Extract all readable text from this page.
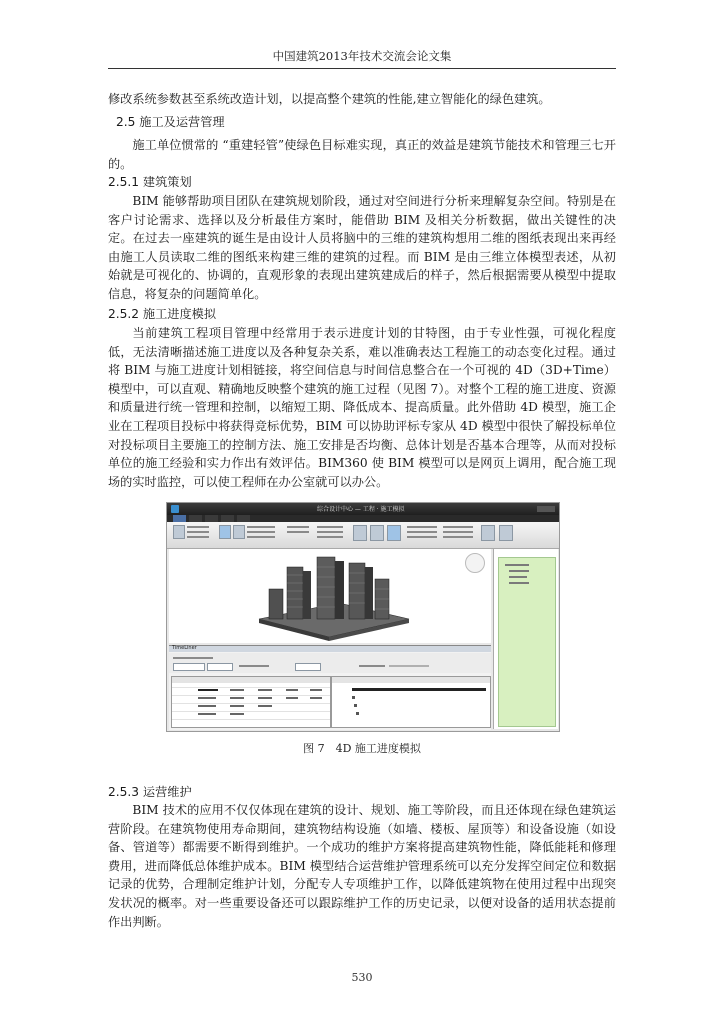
中国建筑2013年技术交流会论文集
修改系统参数甚至系统改造计划，以提高整个建筑的性能,建立智能化的绿色建筑。
2.5 施工及运营管理
施工单位惯常的 “重建轻管”使绿色目标难实现，真正的效益是建筑节能技术和管理三七开的。
2.5.1 建筑策划
BIM 能够帮助项目团队在建筑规划阶段，通过对空间进行分析来理解复杂空间。特别是在客户讨论需求、选择以及分析最佳方案时，能借助 BIM 及相关分析数据，做出关键性的决定。在过去一座建筑的诞生是由设计人员将脑中的三维的建筑构想用二维的图纸表现出来再经由施工人员读取二维的图纸来构建三维的建筑的过程。而 BIM 是由三维立体模型表述，从初始就是可视化的、协调的，直观形象的表现出建筑建成后的样子，然后根据需要从模型中提取信息，将复杂的问题简单化。
2.5.2 施工进度模拟
当前建筑工程项目管理中经常用于表示进度计划的甘特图，由于专业性强，可视化程度低，无法清晰描述施工进度以及各种复杂关系，难以准确表达工程施工的动态变化过程。通过将 BIM 与施工进度计划相链接，将空间信息与时间信息整合在一个可视的 4D（3D+Time）模型中，可以直观、精确地反映整个建筑的施工过程（见图 7）。对整个工程的施工进度、资源和质量进行统一管理和控制，以缩短工期、降低成本、提高质量。此外借助 4D 模型，施工企业在工程项目投标中将获得竞标优势，BIM 可以协助评标专家从 4D 模型中很快了解投标单位对投标项目主要施工的控制方法、施工安排是否均衡、总体计划是否基本合理等，从而对投标单位的施工经验和实力作出有效评估。BIM360 使 BIM 模型可以是网页上调用，配合施工现场的实时监控，可以使工程师在办公室就可以办公。
综合设计中心 — 工程 · 施工模拟
TimeLiner
图 7　4D 施工进度模拟
2.5.3 运营维护
BIM 技术的应用不仅仅体现在建筑的设计、规划、施工等阶段，而且还体现在绿色建筑运营阶段。在建筑物使用寿命期间，建筑物结构设施（如墙、楼板、屋顶等）和设备设施（如设备、管道等）都需要不断得到维护。一个成功的维护方案将提高建筑物性能，降低能耗和修理费用，进而降低总体维护成本。BIM 模型结合运营维护管理系统可以充分发挥空间定位和数据记录的优势，合理制定维护计划，分配专人专项维护工作，以降低建筑物在使用过程中出现突发状况的概率。对一些重要设备还可以跟踪维护工作的历史记录，以便对设备的适用状态提前作出判断。
530
